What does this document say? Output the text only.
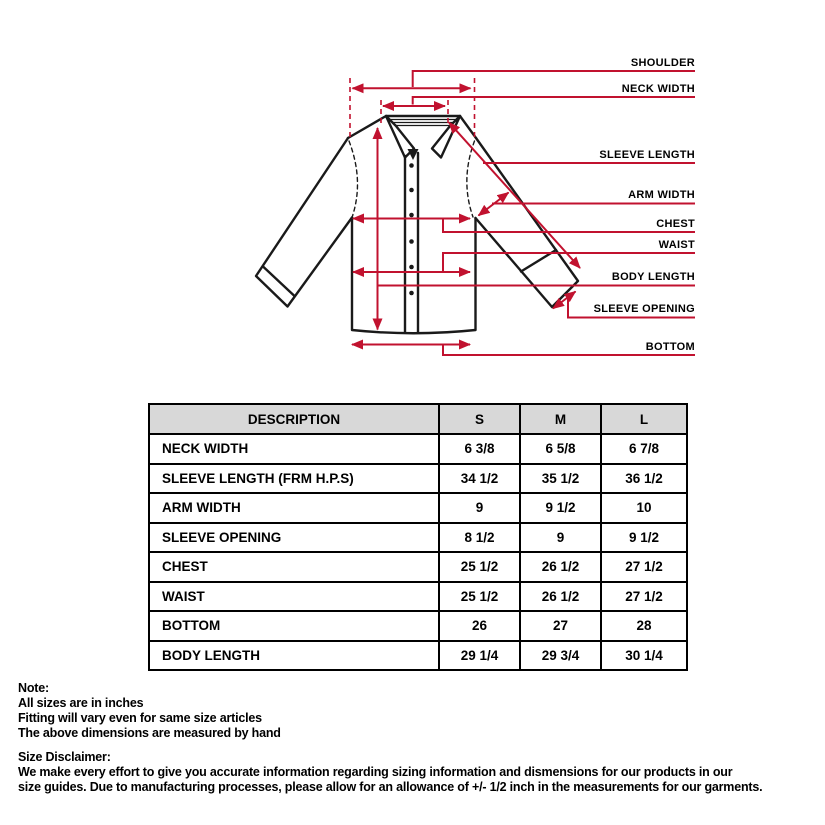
SHOULDER
NECK WIDTH
SLEEVE LENGTH
ARM WIDTH
CHEST
WAIST
BODY LENGTH
SLEEVE OPENING
BOTTOM
DESCRIPTION	S	M	L
NECK WIDTH	6 3/8	6 5/8	6 7/8
SLEEVE LENGTH (FRM H.P.S)	34 1/2	35 1/2	36 1/2
ARM WIDTH	9	9 1/2	10
SLEEVE OPENING	8 1/2	9	9 1/2
CHEST	25 1/2	26 1/2	27 1/2
WAIST	25 1/2	26 1/2	27 1/2
BOTTOM	26	27	28
BODY LENGTH	29 1/4	29 3/4	30 1/4
Note:
All sizes are in inches
Fitting will vary even for same size articles
The above dimensions are measured by hand
Size Disclaimer:
We make every effort to give you accurate information regarding sizing information and dismensions for our products in our
size guides. Due to manufacturing processes, please allow for an allowance of +/- 1/2 inch in the measurements for our garments.
